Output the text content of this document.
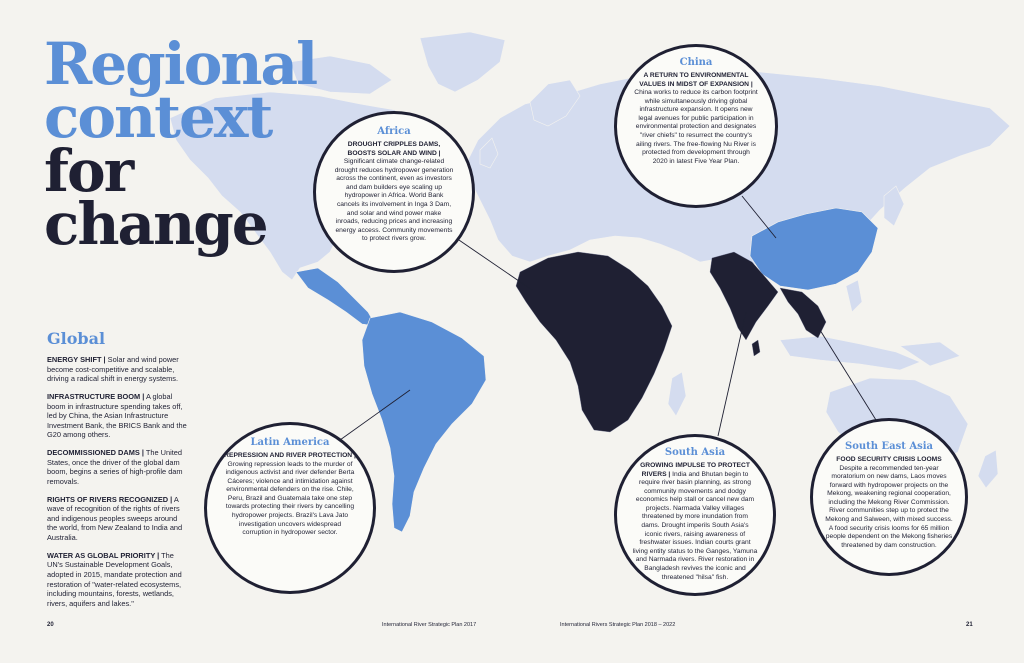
Regional
context
for
change
Global

ENERGY SHIFT | Solar and wind power become cost-competitive and scalable, driving a radical shift in energy systems.

INFRASTRUCTURE BOOM | A global boom in infrastructure spending takes off, led by China, the Asian Infrastructure Investment Bank, the BRICS Bank and the G20 among others.

DECOMMISSIONED DAMS | The United States, once the driver of the global dam boom, begins a series of high-profile dam removals.

RIGHTS OF RIVERS RECOGNIZED | A wave of recognition of the rights of rivers and indigenous peoples sweeps around the world, from New Zealand to India and Australia.

WATER AS GLOBAL PRIORITY | The UN's Sustainable Development Goals, adopted in 2015, mandate protection and restoration of "water-related ecosystems, including mountains, forests, wetlands, rivers, aquifers and lakes."

Africa
DROUGHT CRIPPLES DAMS, BOOSTS SOLAR AND WIND | Significant climate change-related drought reduces hydropower generation across the continent, even as investors and dam builders eye scaling up hydropower in Africa. World Bank cancels its involvement in Inga 3 Dam, and solar and wind power make inroads, reducing prices and increasing energy access. Community movements to protect rivers grow.
China
A RETURN TO ENVIRONMENTAL VALUES IN MIDST OF EXPANSION | China works to reduce its carbon footprint while simultaneously driving global infrastructure expansion. It opens new legal avenues for public participation in environmental protection and designates "river chiefs" to resurrect the country's ailing rivers. The free-flowing Nu River is protected from development through 2020 in latest Five Year Plan.
Latin America
REPRESSION AND RIVER PROTECTION | Growing repression leads to the murder of indigenous activist and river defender Berta Cáceres; violence and intimidation against environmental defenders on the rise. Chile, Peru, Brazil and Guatemala take one step towards protecting their rivers by cancelling hydropower projects. Brazil's Lava Jato investigation uncovers widespread corruption in hydropower sector.
South Asia
GROWING IMPULSE TO PROTECT RIVERS | India and Bhutan begin to require river basin planning, as strong community movements and dodgy economics help stall or cancel new dam projects. Narmada Valley villages threatened by more inundation from dams. Drought imperils South Asia's iconic rivers, raising awareness of freshwater issues. Indian courts grant living entity status to the Ganges, Yamuna and Narmada rivers. River restoration in Bangladesh revives the iconic and threatened "hilsa" fish.
South East Asia
FOOD SECURITY CRISIS LOOMS
Despite a recommended ten-year moratorium on new dams, Laos moves forward with hydropower projects on the Mekong, weakening regional cooperation, including the Mekong River Commission. River communities step up to protect the Mekong and Salween, with mixed success. A food security crisis looms for 65 million people dependent on the Mekong fisheries threatened by dam construction.
20	International River Strategic Plan 2017	International Rivers Strategic Plan 2018 – 2022	21
